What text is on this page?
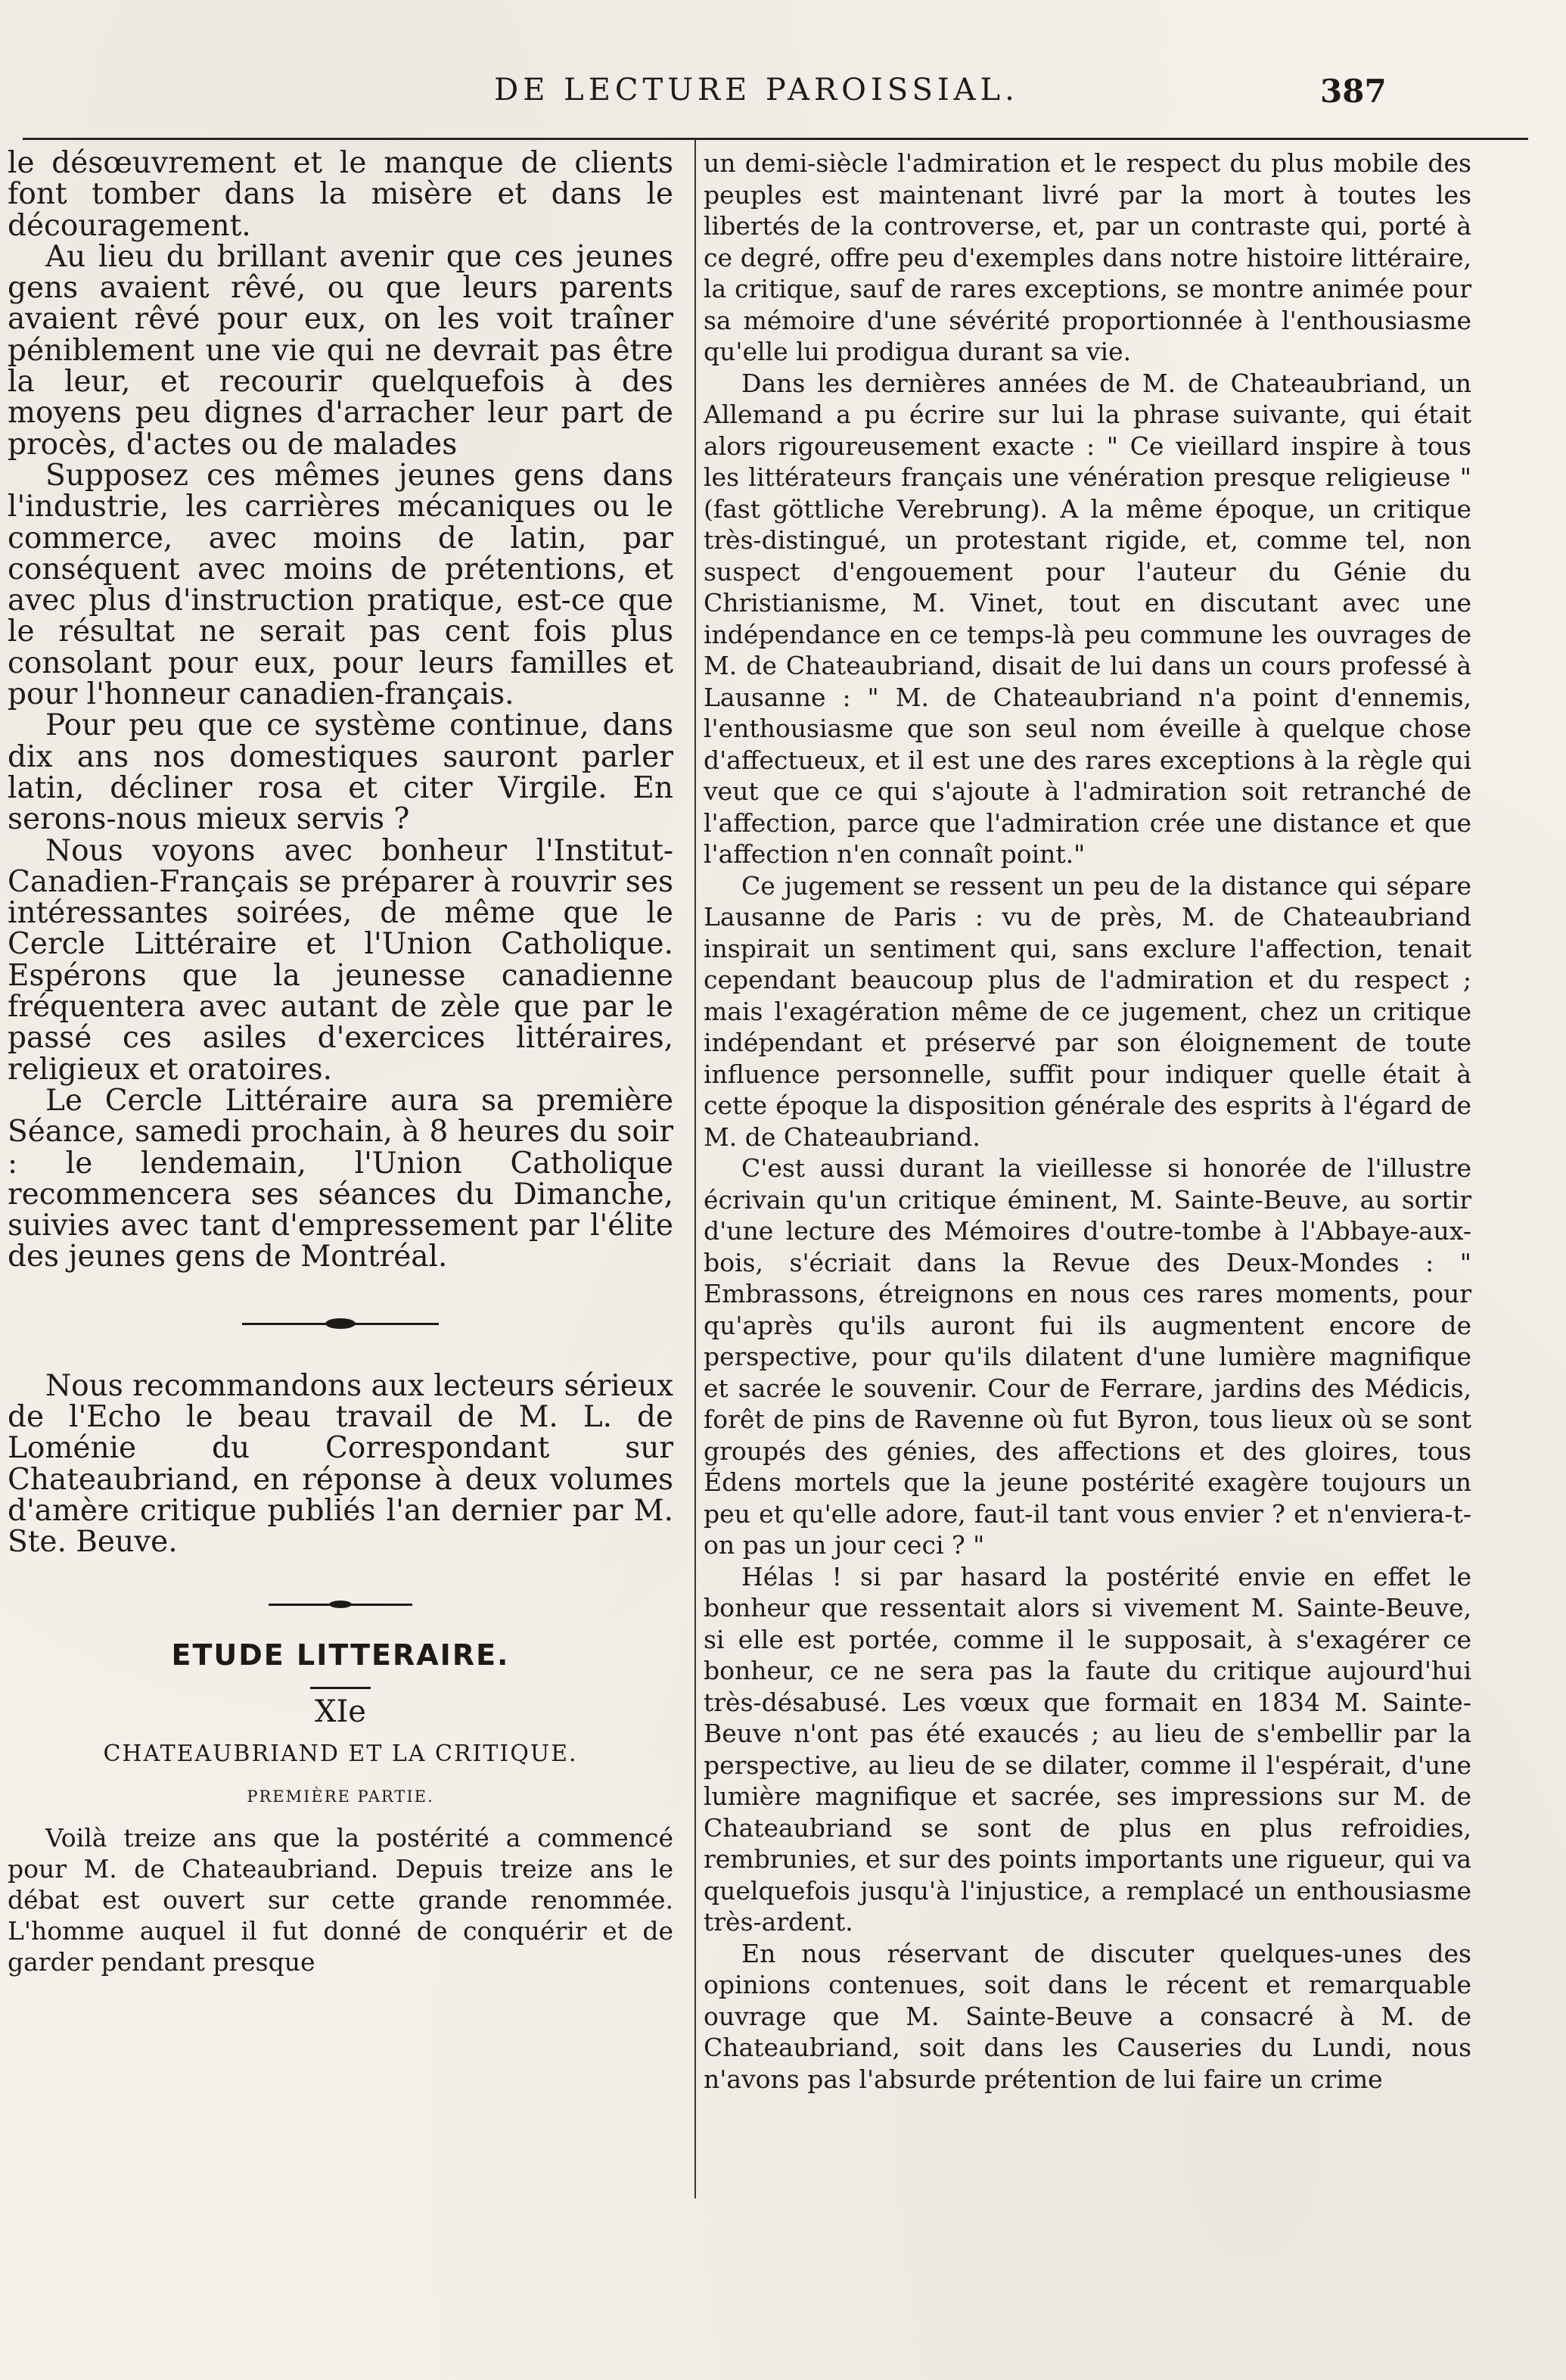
DE LECTURE PAROISSIAL.	387

le désœuvrement et le manque de clients font tomber dans la misère et dans le découragement.

Au lieu du brillant avenir que ces jeunes gens avaient rêvé, ou que leurs parents avaient rêvé pour eux, on les voit traîner péniblement une vie qui ne devrait pas être la leur, et recourir quelquefois à des moyens peu dignes d'arracher leur part de procès, d'actes ou de malades

Supposez ces mêmes jeunes gens dans l'industrie, les carrières mécaniques ou le commerce, avec moins de latin, par conséquent avec moins de prétentions, et avec plus d'instruction pratique, est-ce que le résultat ne serait pas cent fois plus consolant pour eux, pour leurs familles et pour l'honneur canadien-français.

Pour peu que ce système continue, dans dix ans nos domestiques sauront parler latin, décliner rosa et citer Virgile. En serons-nous mieux servis ?

Nous voyons avec bonheur l'Institut-Canadien-Français se préparer à rouvrir ses intéressantes soirées, de même que le Cercle Littéraire et l'Union Catholique. Espérons que la jeunesse canadienne fréquentera avec autant de zèle que par le passé ces asiles d'exercices littéraires, religieux et oratoires.

Le Cercle Littéraire aura sa première Séance, samedi prochain, à 8 heures du soir : le lendemain, l'Union Catholique recommencera ses séances du Dimanche, suivies avec tant d'empressement par l'élite des jeunes gens de Montréal.

Nous recommandons aux lecteurs sérieux de l'Echo le beau travail de M. L. de Loménie du Correspondant sur Chateaubriand, en réponse à deux volumes d'amère critique publiés l'an dernier par M. Ste. Beuve.

ETUDE LITTERAIRE.
XIe
CHATEAUBRIAND ET LA CRITIQUE.
PREMIÈRE PARTIE.

Voilà treize ans que la postérité a commencé pour M. de Chateaubriand. Depuis treize ans le débat est ouvert sur cette grande renommée. L'homme auquel il fut donné de conquérir et de garder pendant presque

un demi-siècle l'admiration et le respect du plus mobile des peuples est maintenant livré par la mort à toutes les libertés de la controverse, et, par un contraste qui, porté à ce degré, offre peu d'exemples dans notre histoire littéraire, la critique, sauf de rares exceptions, se montre animée pour sa mémoire d'une sévérité proportionnée à l'enthousiasme qu'elle lui prodigua durant sa vie.

Dans les dernières années de M. de Chateaubriand, un Allemand a pu écrire sur lui la phrase suivante, qui était alors rigoureusement exacte : " Ce vieillard inspire à tous les littérateurs français une vénération presque religieuse " (fast göttliche Verebrung). A la même époque, un critique très-distingué, un protestant rigide, et, comme tel, non suspect d'engouement pour l'auteur du Génie du Christianisme, M. Vinet, tout en discutant avec une indépendance en ce temps-là peu commune les ouvrages de M. de Chateaubriand, disait de lui dans un cours professé à Lausanne : " M. de Chateaubriand n'a point d'ennemis, l'enthousiasme que son seul nom éveille à quelque chose d'affectueux, et il est une des rares exceptions à la règle qui veut que ce qui s'ajoute à l'admiration soit retranché de l'affection, parce que l'admiration crée une distance et que l'affection n'en connaît point."

Ce jugement se ressent un peu de la distance qui sépare Lausanne de Paris : vu de près, M. de Chateaubriand inspirait un sentiment qui, sans exclure l'affection, tenait cependant beaucoup plus de l'admiration et du respect ; mais l'exagération même de ce jugement, chez un critique indépendant et préservé par son éloignement de toute influence personnelle, suffit pour indiquer quelle était à cette époque la disposition générale des esprits à l'égard de M. de Chateaubriand.

C'est aussi durant la vieillesse si honorée de l'illustre écrivain qu'un critique éminent, M. Sainte-Beuve, au sortir d'une lecture des Mémoires d'outre-tombe à l'Abbaye-aux-bois, s'écriait dans la Revue des Deux-Mondes : " Embrassons, étreignons en nous ces rares moments, pour qu'après qu'ils auront fui ils augmentent encore de perspective, pour qu'ils dilatent d'une lumière magnifique et sacrée le souvenir. Cour de Ferrare, jardins des Médicis, forêt de pins de Ravenne où fut Byron, tous lieux où se sont groupés des génies, des affections et des gloires, tous Édens mortels que la jeune postérité exagère toujours un peu et qu'elle adore, faut-il tant vous envier ? et n'enviera-t-on pas un jour ceci ? "

Hélas ! si par hasard la postérité envie en effet le bonheur que ressentait alors si vivement M. Sainte-Beuve, si elle est portée, comme il le supposait, à s'exagérer ce bonheur, ce ne sera pas la faute du critique aujourd'hui très-désabusé. Les vœux que formait en 1834 M. Sainte-Beuve n'ont pas été exaucés ; au lieu de s'embellir par la perspective, au lieu de se dilater, comme il l'espérait, d'une lumière magnifique et sacrée, ses impressions sur M. de Chateaubriand se sont de plus en plus refroidies, rembrunies, et sur des points importants une rigueur, qui va quelquefois jusqu'à l'injustice, a remplacé un enthousiasme très-ardent.

En nous réservant de discuter quelques-unes des opinions contenues, soit dans le récent et remarquable ouvrage que M. Sainte-Beuve a consacré à M. de Chateaubriand, soit dans les Causeries du Lundi, nous n'avons pas l'absurde prétention de lui faire un crime
